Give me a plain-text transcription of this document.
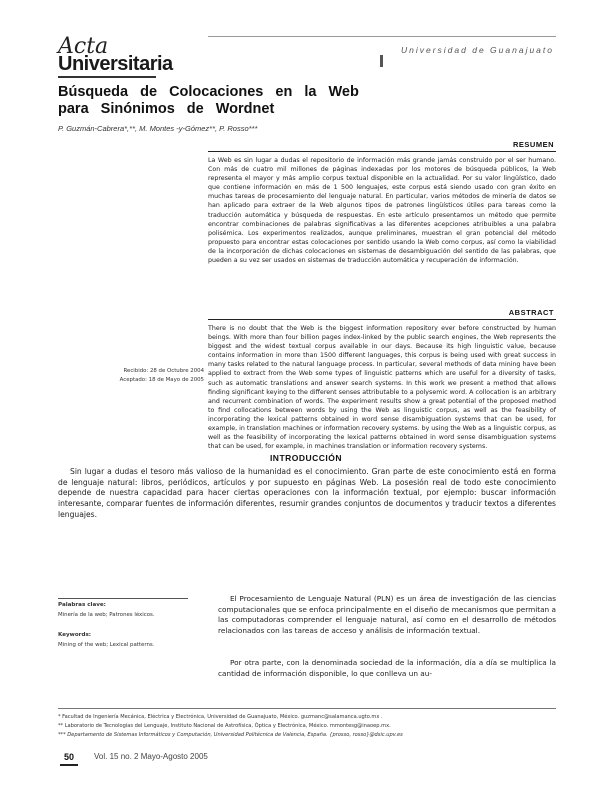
Acta
Universitaria
Universidad de Guanajuato
Búsqueda de Colocaciones en la Web para Sinónimos de Wordnet
P. Guzmán-Cabrera*,**, M. Montes -y-Gómez**, P. Rosso***
RESUMEN
La Web es sin lugar a dudas el repositorio de información más grande jamás construido por el ser humano. Con más de cuatro mil millones de páginas indexadas por los motores de búsqueda públicos, la Web representa el mayor y más amplio corpus textual disponible en la actualidad. Por su valor lingüístico, dado que contiene información en más de 1 500 lenguajes, este corpus está siendo usado con gran éxito en muchas tareas de procesamiento del lenguaje natural. En particular, varios métodos de minería de datos se han aplicado para extraer de la Web algunos tipos de patrones lingüísticos útiles para tareas como la traducción automática y búsqueda de respuestas. En este artículo presentamos un método que permite encontrar combinaciones de palabras significativas a las diferentes acepciones atribuibles a una palabra polisémica. Los experimentos realizados, aunque preliminares, muestran el gran potencial del método propuesto para encontrar estas colocaciones por sentido usando la Web como corpus, así como la viabilidad de la incorporación de dichas colocaciones en sistemas de desambiguación del sentido de las palabras, que pueden a su vez ser usados en sistemas de traducción automática y recuperación de información.
ABSTRACT
There is no doubt that the Web is the biggest information repository ever before constructed by human beings. With more than four billion pages index-linked by the public search engines, the Web represents the biggest and the widest textual corpus available in our days. Because its high linguistic value, because contains information in more than 1500 different languages, this corpus is being used with great success in many tasks related to the natural language process. In particular, several methods of data mining have been applied to extract from the Web some types of linguistic patterns which are useful for a diversity of tasks, such as automatic translations and answer search systems. In this work we present a method that allows finding significant keying to the different senses attributable to a polysemic word. A collocation is an arbitrary and recurrent combination of words. The experiment results show a great potential of the proposed method to find collocations between words by using the Web as linguistic corpus, as well as the feasibility of incorporating the lexical patterns obtained in word sense disambiguation systems that can be used, for example, in translation machines or information recovery systems. by using the Web as a linguistic corpus, as well as the feasibility of incorporating the lexical patterns obtained in word sense disambiguation systems that can be used, for example, in machines translation or information recovery systems.
Recibido: 28 de Octubre 2004
Aceptado: 18 de Mayo de 2005
INTRODUCCIÓN
Sin lugar a dudas el tesoro más valioso de la humanidad es el conocimiento. Gran parte de este conocimiento está en forma de lenguaje natural: libros, periódicos, artículos y por supuesto en páginas Web. La posesión real de todo este conocimiento depende de nuestra capacidad para hacer ciertas operaciones con la información textual, por ejemplo: buscar información interesante, comparar fuentes de información diferentes, resumir grandes conjuntos de documentos y traducir textos a diferentes lenguajes.
Palabras clave:
Minería de la web; Patrones léxicos.
Keywords:
Mining of the web; Lexical patterns.
El Procesamiento de Lenguaje Natural (PLN) es un área de investigación de las ciencias computacionales que se enfoca principalmente en el diseño de mecanismos que permitan a las computadoras comprender el lenguaje natural, así como en el desarrollo de métodos relacionados con las tareas de acceso y análisis de información textual.
Por otra parte, con la denominada sociedad de la información, día a día se multiplica la cantidad de información disponible, lo que conlleva un au-
* Facultad de Ingeniería Mecánica, Eléctrica y Electrónica, Universidad de Guanajuato, México. guzmanc@salamanca.ugto.mx .
** Laboratorio de Tecnologías del Lenguaje, Instituto Nacional de Astrofísica, Óptica y Electrónica, México. mmontesg@inaoep.mx.
*** Departamento de Sistemas Informáticos y Computación, Universidad Politécnica de Valencia, España. {prosso, rosso}@dsic.upv.es
50 Vol. 15 no. 2 Mayo-Agosto 2005
